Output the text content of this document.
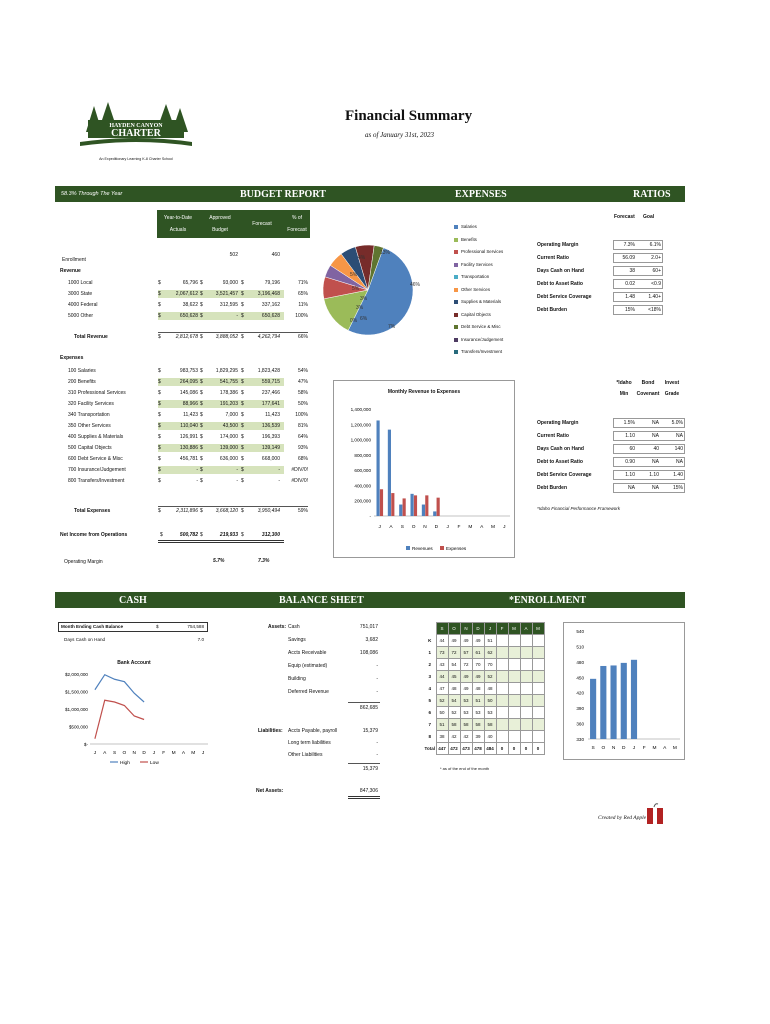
HAYDEN CANYON
CHARTER
An Expeditionary Learning K-8 Charter School
Financial Summary
as of January 31st, 2023
58.3% Through The Year	BUDGET REPORT	EXPENSES	RATIOS
Year-to-Date
Actuals
Approved
Budget
Forecast
% of
Forecast
Enrollment
502	460
Revenue
1000 Local	$	65,796 $	93,000 $	79,196	71%
3000 State	$	2,067,612 $	3,521,457 $	3,196,468	65%
4000 Federal	$	38,622 $	312,595 $	337,162	11%
5000 Other	$	650,628 $	- $	650,628	100%
Total Revenue	$	2,812,678 $	3,888,052 $	4,262,794	66%
100 Salaries	$	983,753 $	1,829,295 $	1,823,428	54%
200 Benefits	$	264,095 $	541,755 $	559,715	47%
310 Professional Services	$	145,086 $	178,386 $	237,466	58%
320 Facility Services	$	88,966 $	191,203 $	177,641	50%
340 Transportation	$	11,423 $	7,000 $	11,423	100%
350 Other Services	$	110,040 $	43,500 $	136,539	81%
400 Supplies & Materials	$	126,991 $	174,000 $	196,393	64%
500 Capital Objects	$	130,886 $	139,000 $	139,149	93%
600 Debt Service & Misc	$	456,781 $	636,000 $	668,000	68%
700 Insurance/Judgement	$	- $	- $	-	#DIV/0!
800 Transfers/Investment	$	- $	- $	-	#DIV/0!
Total Expenses	$	2,311,896 $	3,668,120 $	3,950,494	59%
Expenses
Net Income from Operations	$	500,782 $	219,933 $	312,300
Operating Margin	5.7%	7.3%
46%
13%
7%
4%
5%
3%
5%
6%
0%
3%
Salaries
Benefits
Professional Services
Facility Services
Transportation
Other Services
Supplies & Materials
Capital Objects
Debt Service & Misc
Insurance/Judgement
Transfers/Investment
Monthly Revenue to Expenses
-
200,000
400,000
600,000
800,000
1,000,000
1,200,000
1,400,000
J A S O N D J F M A M J
Revenues	Expenses
Forecast Goal
Operating Margin	7.3%	6.1%
Current Ratio	56.09	2.0+
Days Cash on Hand	38	60+
Debt to Asset Ratio	0.02	<0.9
Debt Service Coverage	1.48	1.40+
Debt Burden	15%	<18%
*Idaho	Bond	Invest
Min	Covenant	Grade
Operating Margin	1.5%	NA	5.0%
Current Ratio	1.10	NA	NA
Days Cash on Hand	60	40	140
Debt to Asset Ratio	0.90	NA	NA
Debt Service Coverage	1.10	1.10	1.40
Debt Burden	NA	NA	15%
*Idaho Financial Performance Framework
CASH	BALANCE SHEET	*ENROLLMENT
Month Ending Cash Balance	$	754,588
Days Cash on Hand	7.0
Bank Account
$-
$500,000
$1,000,000
$1,500,000
$2,000,000
J A S O N D J F M A M J
High	Low
Assets: Cash	751,017
Savings	3,682
Accts Receivable	108,086
Equip (estimated)	-
Building	-
Deferred Revenue	-
862,685
Liabilities: Accts Payable, payroll	15,379
Long term liabilities	-
Other Liabilities	-
15,379
Net Assets:	847,306
	S	O	N	D	J	F	M	A	M
K	44	49	49	49	51				
1	73	72	57	61	62				
2	43	54	72	70	70				
3	44	45	49	49	52				
4	47	48	49	48	48				
5	52	54	53	51	50				
6	50	52	53	53	53				
7	51	58	58	58	58				
8	38	42	42	39	40				
Total	447	472	473	478	484	0	0	0	0
* as of the end of the month
330
360
390
420
450
480
510
540
S O N D J F M A M
Created by Red Apple
